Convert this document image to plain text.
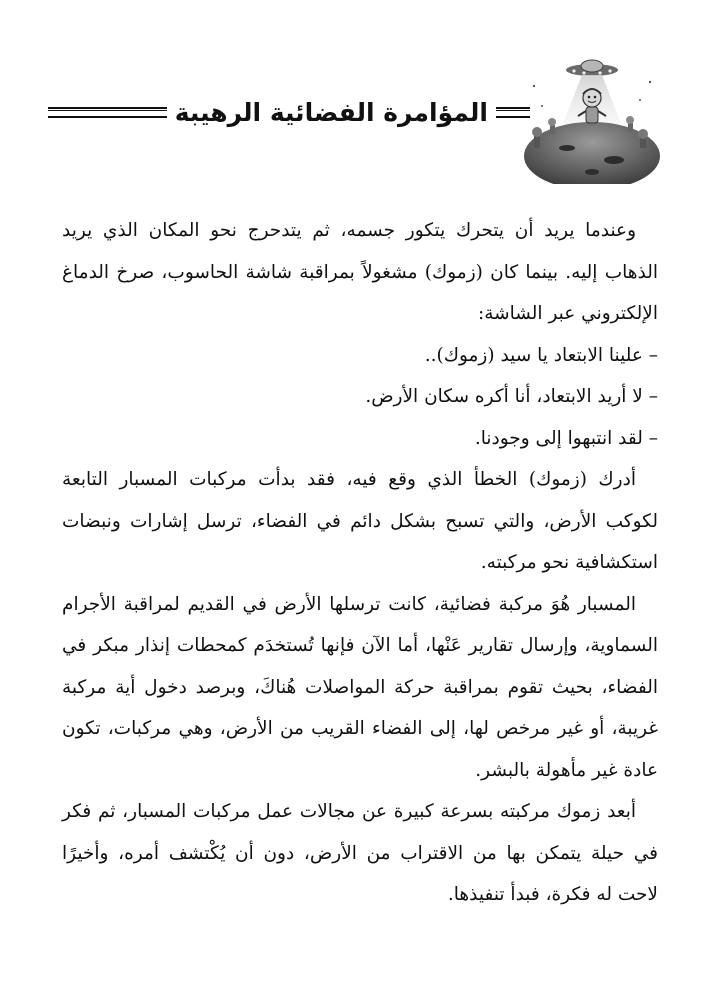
المؤامرة الفضائية الرهيبة

وعندما يريد أن يتحرك يتكور جسمه، ثم يتدحرج نحو المكان الذي يريد الذهاب إليه. بينما كان (زموك) مشغولاً بمراقبة شاشة الحاسوب، صرخ الدماغ الإلكتروني عبر الشاشة:

– علينا الابتعاد يا سيد (زموك)..

– لا أريد الابتعاد، أنا أكره سكان الأرض.

– لقد انتبهوا إلى وجودنا.

أدرك (زموك) الخطأ الذي وقع فيه، فقد بدأت مركبات المسبار التابعة لكوكب الأرض، والتي تسبح بشكل دائم في الفضاء، ترسل إشارات ونبضات استكشافية نحو مركبته.

المسبار هُوَ مركبة فضائية، كانت ترسلها الأرض في القديم لمراقبة الأجرام السماوية، وإرسال تقارير عَنْها، أما الآن فإنها تُستخدَم كمحطات إنذار مبكر في الفضاء، بحيث تقوم بمراقبة حركة المواصلات هُناكَ، وبرصد دخول أية مركبة غريبة، أو غير مرخص لها، إلى الفضاء القريب من الأرض، وهي مركبات، تكون عادة غير مأهولة بالبشر.

أبعد زموك مركبته بسرعة كبيرة عن مجالات عمل مركبات المسبار، ثم فكر في حيلة يتمكن بها من الاقتراب من الأرض، دون أن يُكْتشف أمره، وأخيرًا لاحت له فكرة، فبدأ تنفيذها.
